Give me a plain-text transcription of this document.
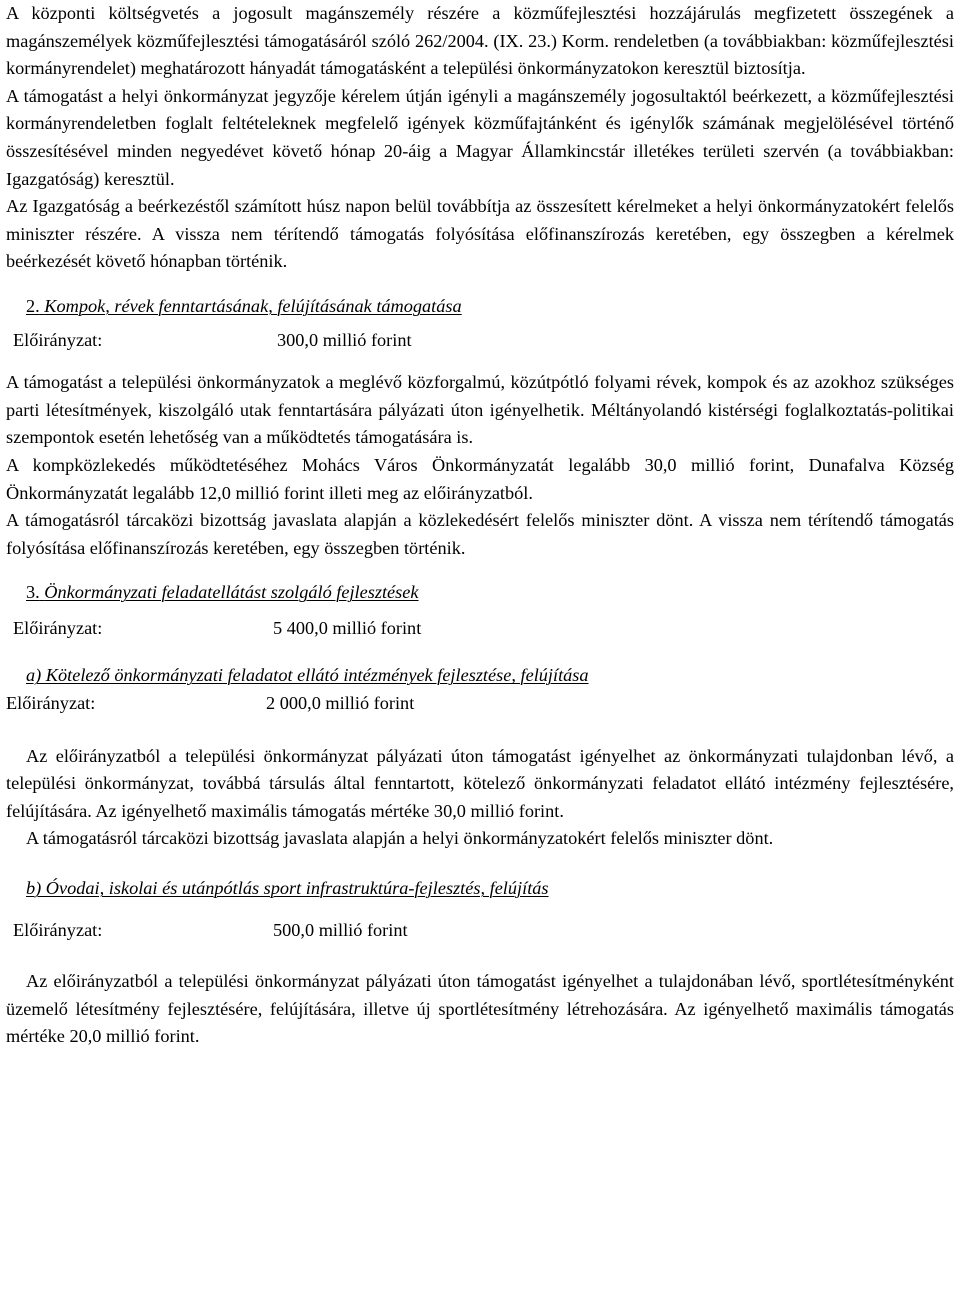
A központi költségvetés a jogosult magánszemély részére a közműfejlesztési hozzájárulás megfizetett összegének a magánszemélyek közműfejlesztési támogatásáról szóló 262/2004. (IX. 23.) Korm. rendeletben (a továbbiakban: közműfejlesztési kormányrendelet) meghatározott hányadát támogatásként a települési önkormányzatokon keresztül biztosítja.

A támogatást a helyi önkormányzat jegyzője kérelem útján igényli a magánszemély jogosultaktól beérkezett, a közműfejlesztési kormányrendeletben foglalt feltételeknek megfelelő igények közműfajtánként és igénylők számának megjelölésével történő összesítésével minden negyedévet követő hónap 20-áig a Magyar Államkincstár illetékes területi szervén (a továbbiakban: Igazgatóság) keresztül.

Az Igazgatóság a beérkezéstől számított húsz napon belül továbbítja az összesített kérelmeket a helyi önkormányzatokért felelős miniszter részére. A vissza nem térítendő támogatás folyósítása előfinanszírozás keretében, egy összegben a kérelmek beérkezését követő hónapban történik.

2. Kompok, révek fenntartásának, felújításának támogatása

Előirányzat:	300,0 millió forint

A támogatást a települési önkormányzatok a meglévő közforgalmú, közútpótló folyami révek, kompok és az azokhoz szükséges parti létesítmények, kiszolgáló utak fenntartására pályázati úton igényelhetik. Méltányolandó kistérségi foglalkoztatás-politikai szempontok esetén lehetőség van a működtetés támogatására is.

A kompközlekedés működtetéséhez Mohács Város Önkormányzatát legalább 30,0 millió forint, Dunafalva Község Önkormányzatát legalább 12,0 millió forint illeti meg az előirányzatból.

A támogatásról tárcaközi bizottság javaslata alapján a közlekedésért felelős miniszter dönt. A vissza nem térítendő támogatás folyósítása előfinanszírozás keretében, egy összegben történik.

3. Önkormányzati feladatellátást szolgáló fejlesztések

Előirányzat:	5 400,0 millió forint

a) Kötelező önkormányzati feladatot ellátó intézmények fejlesztése, felújítása

Előirányzat:	2 000,0 millió forint

Az előirányzatból a települési önkormányzat pályázati úton támogatást igényelhet az önkormányzati tulajdonban lévő, a települési önkormányzat, továbbá társulás által fenntartott, kötelező önkormányzati feladatot ellátó intézmény fejlesztésére, felújítására. Az igényelhető maximális támogatás mértéke 30,0 millió forint.

A támogatásról tárcaközi bizottság javaslata alapján a helyi önkormányzatokért felelős miniszter dönt.

b) Óvodai, iskolai és utánpótlás sport infrastruktúra-fejlesztés, felújítás

Előirányzat:	500,0 millió forint

Az előirányzatból a települési önkormányzat pályázati úton támogatást igényelhet a tulajdonában lévő, sportlétesítményként üzemelő létesítmény fejlesztésére, felújítására, illetve új sportlétesítmény létrehozására. Az igényelhető maximális támogatás mértéke 20,0 millió forint.
